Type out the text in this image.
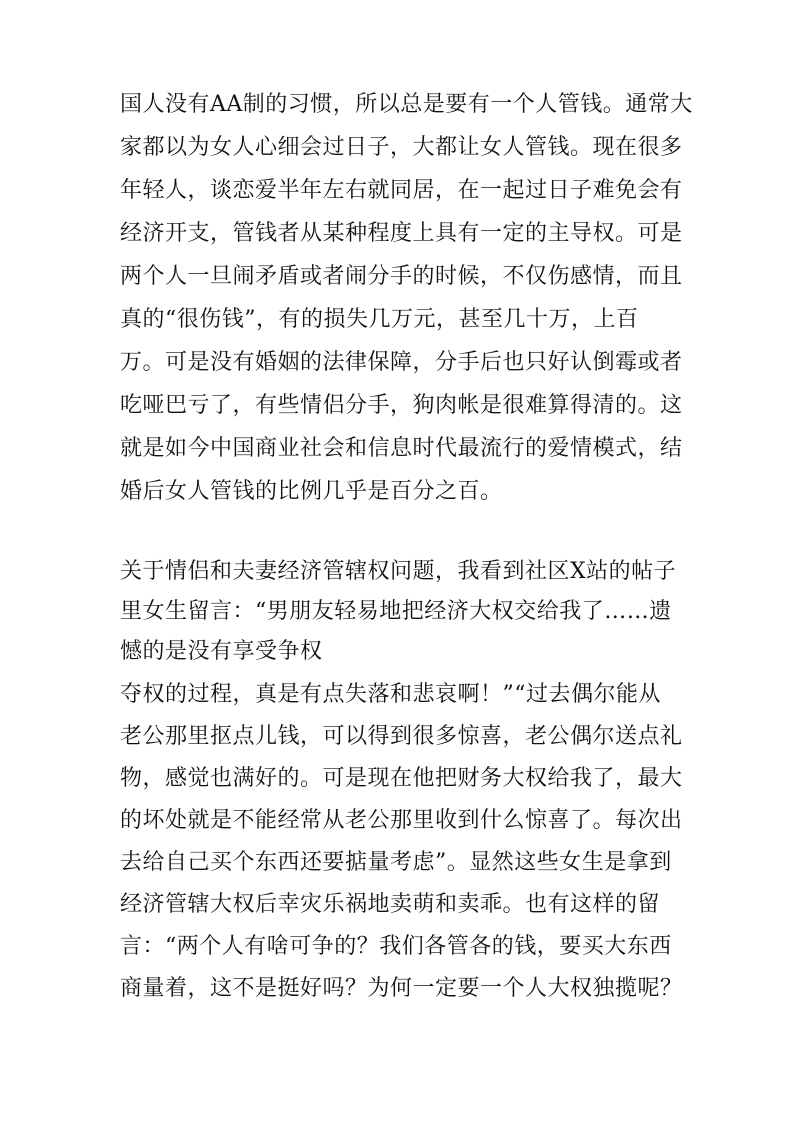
国人没有AA制的习惯，所以总是要有一个人管钱。通常大
家都以为女人心细会过日子，大都让女人管钱。现在很多
年轻人，谈恋爱半年左右就同居，在一起过日子难免会有
经济开支，管钱者从某种程度上具有一定的主导权。可是
两个人一旦闹矛盾或者闹分手的时候，不仅伤感情，而且
真的“很伤钱”，有的损失几万元，甚至几十万，上百
万。可是没有婚姻的法律保障，分手后也只好认倒霉或者
吃哑巴亏了，有些情侣分手，狗肉帐是很难算得清的。这
就是如今中国商业社会和信息时代最流行的爱情模式，结
婚后女人管钱的比例几乎是百分之百。
关于情侣和夫妻经济管辖权问题，我看到社区X站的帖子
里女生留言：“男朋友轻易地把经济大权交给我了……遗
憾的是没有享受争权
夺权的过程，真是有点失落和悲哀啊！”“过去偶尔能从
老公那里抠点儿钱，可以得到很多惊喜，老公偶尔送点礼
物，感觉也满好的。可是现在他把财务大权给我了，最大
的坏处就是不能经常从老公那里收到什么惊喜了。每次出
去给自己买个东西还要掂量考虑”。显然这些女生是拿到
经济管辖大权后幸灾乐祸地卖萌和卖乖。也有这样的留
言：“两个人有啥可争的？我们各管各的钱，要买大东西
商量着，这不是挺好吗？为何一定要一个人大权独揽呢？
